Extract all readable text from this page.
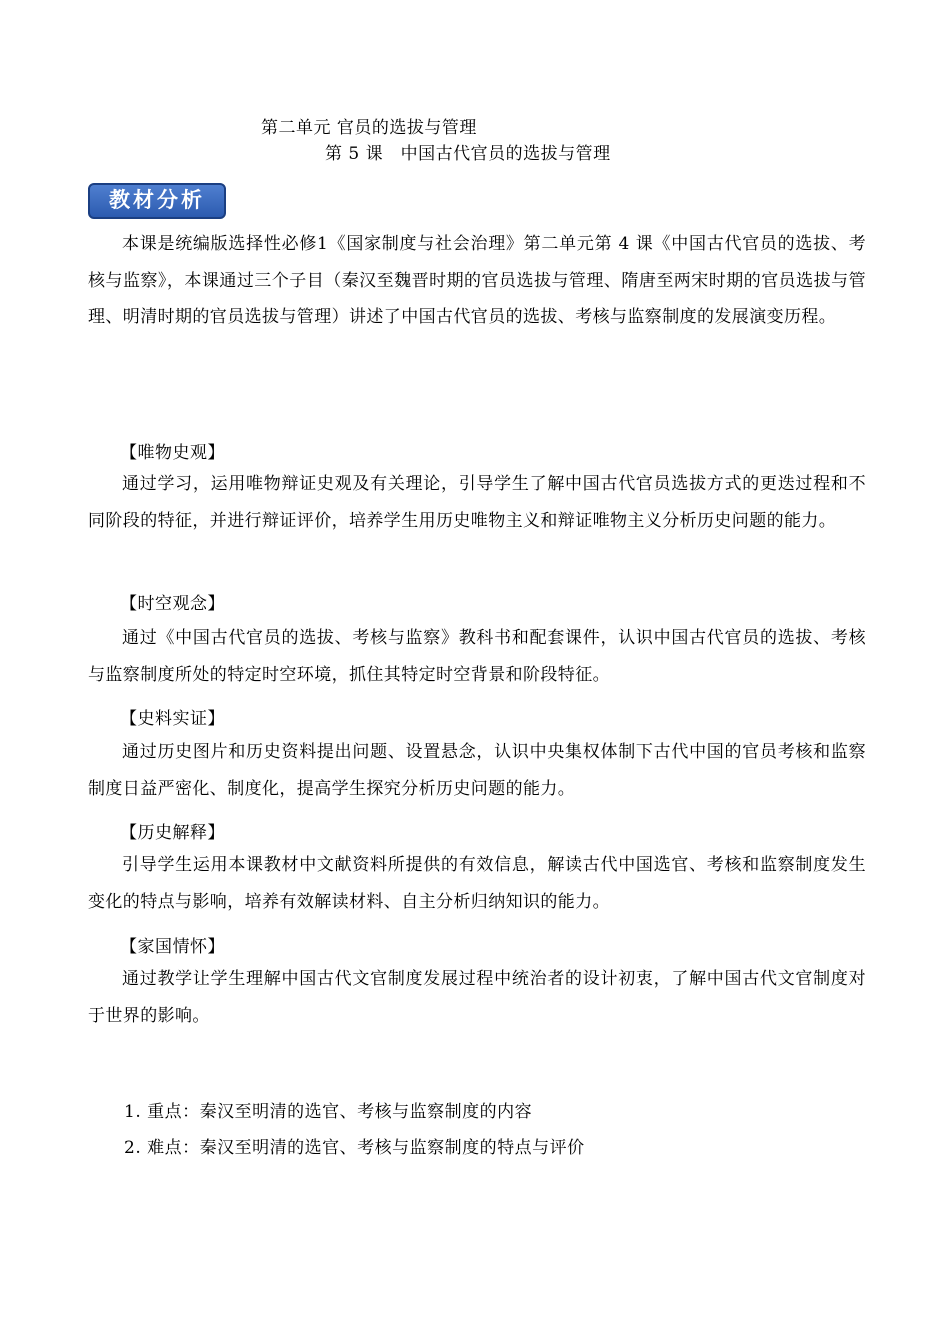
第二单元 官员的选拔与管理
第 5 课　中国古代官员的选拔与管理
教材分析
本课是统编版选择性必修1《国家制度与社会治理》第二单元第 4 课《中国古代官员的选拔、考核与监察》，本课通过三个子目（秦汉至魏晋时期的官员选拔与管理、隋唐至两宋时期的官员选拔与管理、明清时期的官员选拔与管理）讲述了中国古代官员的选拔、考核与监察制度的发展演变历程。
【唯物史观】
通过学习，运用唯物辩证史观及有关理论，引导学生了解中国古代官员选拔方式的更迭过程和不同阶段的特征，并进行辩证评价，培养学生用历史唯物主义和辩证唯物主义分析历史问题的能力。
【时空观念】
通过《中国古代官员的选拔、考核与监察》教科书和配套课件，认识中国古代官员的选拔、考核与监察制度所处的特定时空环境，抓住其特定时空背景和阶段特征。
【史料实证】
通过历史图片和历史资料提出问题、设置悬念，认识中央集权体制下古代中国的官员考核和监察制度日益严密化、制度化，提高学生探究分析历史问题的能力。
【历史解释】
引导学生运用本课教材中文献资料所提供的有效信息，解读古代中国选官、考核和监察制度发生变化的特点与影响，培养有效解读材料、自主分析归纳知识的能力。
【家国情怀】
通过教学让学生理解中国古代文官制度发展过程中统治者的设计初衷，了解中国古代文官制度对于世界的影响。
1. 重点：秦汉至明清的选官、考核与监察制度的内容
2. 难点：秦汉至明清的选官、考核与监察制度的特点与评价
